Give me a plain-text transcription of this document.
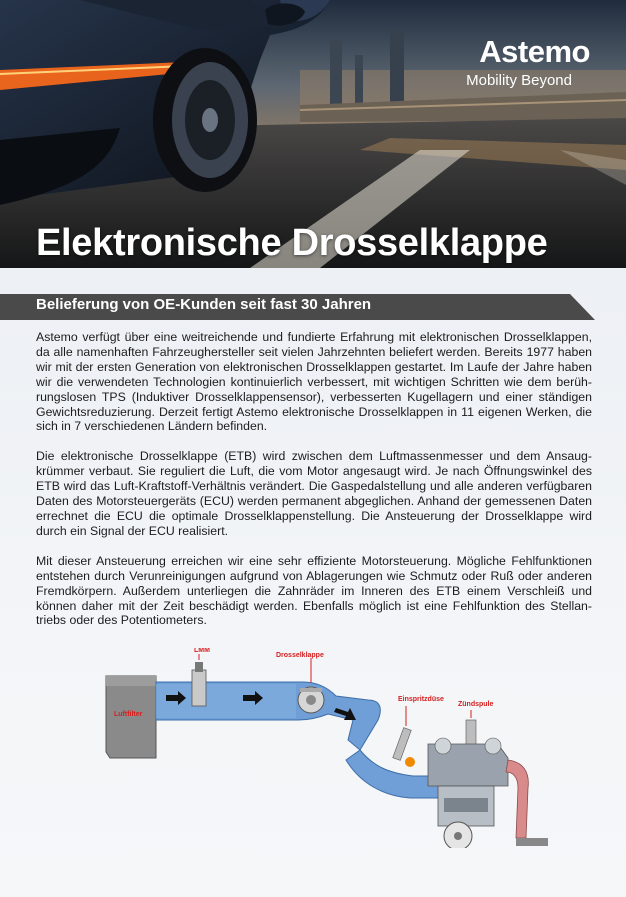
Astemo
Mobility Beyond
Elektronische Drosselklappe
Belieferung von OE-Kunden seit fast 30 Jahren

Astemo verfügt über eine weitreichende und fundierte Erfahrung mit elektronischen Drosselklappen, da alle namenhaften Fahrzeughersteller seit vielen Jahrzehnten beliefert werden. Bereits 1977 haben wir mit der ersten Generation von elektronischen Drosselklappen gestartet. Im Laufe der Jahre haben wir die verwendeten Technologien kontinuierlich verbessert, mit wichtigen Schritten wie dem berührungslosen TPS (Induktiver Drosselklappensensor), verbesserten Kugellagern und einer ständigen Gewichtsreduzierung. Derzeit fertigt Astemo elektronische Drosselklappen in 11 eigenen Werken, die sich in 7 verschiedenen Ländern befinden.

Die elektronische Drosselklappe (ETB) wird zwischen dem Luftmassenmesser und dem Ansaugkrümmer verbaut. Sie reguliert die Luft, die vom Motor angesaugt wird. Je nach Öffnungswinkel des ETB wird das Luft-Kraftstoff-Verhältnis verändert. Die Gaspedalstellung und alle anderen verfügbaren Daten des Motorsteuergeräts (ECU) werden permanent abgeglichen. Anhand der gemessenen Daten errechnet die ECU die optimale Drosselklappenstellung. Die Ansteuerung der Drosselklappe wird durch ein Signal der ECU realisiert.

Mit dieser Ansteuerung erreichen wir eine sehr effiziente Motorsteuerung. Mögliche Fehlfunktionen entstehen durch Verunreinigungen aufgrund von Ablagerungen wie Schmutz oder Ruß oder anderen Fremdkörpern. Außerdem unterliegen die Zahnräder im Inneren des ETB einem Verschleiß und können daher mit der Zeit beschädigt werden. Ebenfalls möglich ist eine Fehlfunktion des Stellantriebs oder des Potentiometers.

Luftfilter
LMM
Drosselklappe
Einspritzdüse
Zündspule
